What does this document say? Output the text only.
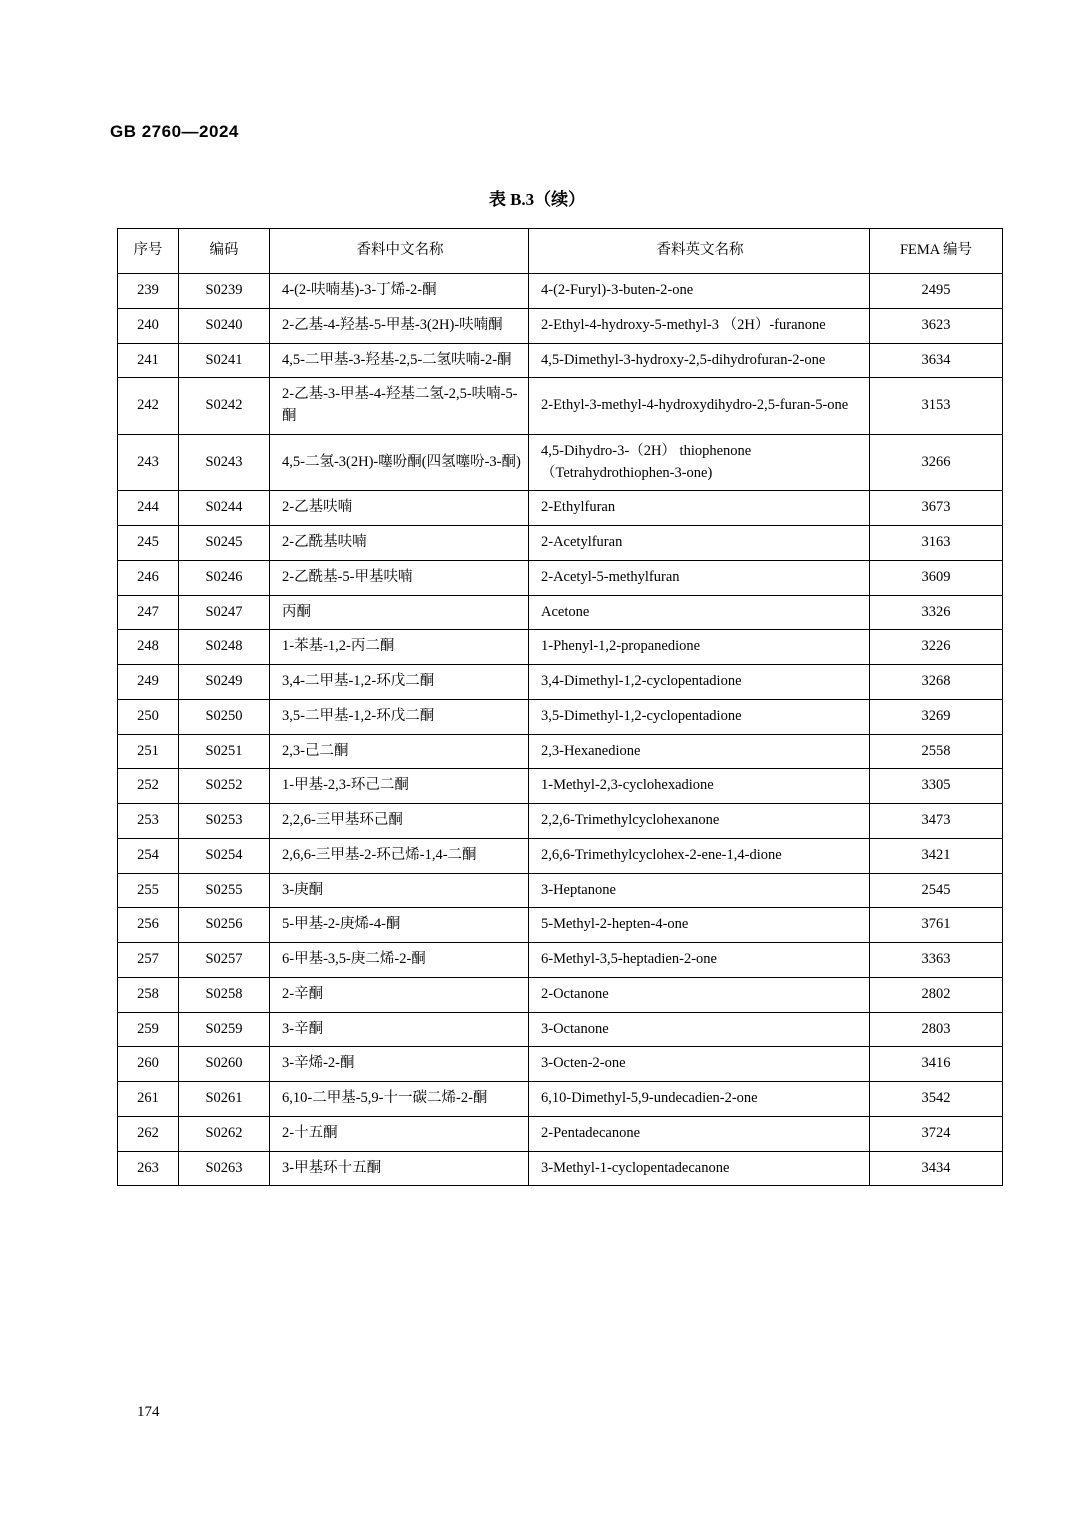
GB 2760—2024
表 B.3（续）
序号	编码	香料中文名称	香料英文名称	FEMA 编号
239	S0239	4-(2-呋喃基)-3-丁烯-2-酮	4-(2-Furyl)-3-buten-2-one	2495
240	S0240	2-乙基-4-羟基-5-甲基-3(2H)-呋喃酮	2-Ethyl-4-hydroxy-5-methyl-3 （2H）-furanone	3623
241	S0241	4,5-二甲基-3-羟基-2,5-二氢呋喃-2-酮	4,5-Dimethyl-3-hydroxy-2,5-dihydrofuran-2-one	3634
242	S0242	2-乙基-3-甲基-4-羟基二氢-2,5-呋喃-5-酮	2-Ethyl-3-methyl-4-hydroxydihydro-2,5-furan-5-one	3153
243	S0243	4,5-二氢-3(2H)-噻吩酮(四氢噻吩-3-酮)	4,5-Dihydro-3-（2H） thiophenone （Tetrahydrothiophen-3-one)	3266
244	S0244	2-乙基呋喃	2-Ethylfuran	3673
245	S0245	2-乙酰基呋喃	2-Acetylfuran	3163
246	S0246	2-乙酰基-5-甲基呋喃	2-Acetyl-5-methylfuran	3609
247	S0247	丙酮	Acetone	3326
248	S0248	1-苯基-1,2-丙二酮	1-Phenyl-1,2-propanedione	3226
249	S0249	3,4-二甲基-1,2-环戊二酮	3,4-Dimethyl-1,2-cyclopentadione	3268
250	S0250	3,5-二甲基-1,2-环戊二酮	3,5-Dimethyl-1,2-cyclopentadione	3269
251	S0251	2,3-己二酮	2,3-Hexanedione	2558
252	S0252	1-甲基-2,3-环己二酮	1-Methyl-2,3-cyclohexadione	3305
253	S0253	2,2,6-三甲基环己酮	2,2,6-Trimethylcyclohexanone	3473
254	S0254	2,6,6-三甲基-2-环己烯-1,4-二酮	2,6,6-Trimethylcyclohex-2-ene-1,4-dione	3421
255	S0255	3-庚酮	3-Heptanone	2545
256	S0256	5-甲基-2-庚烯-4-酮	5-Methyl-2-hepten-4-one	3761
257	S0257	6-甲基-3,5-庚二烯-2-酮	6-Methyl-3,5-heptadien-2-one	3363
258	S0258	2-辛酮	2-Octanone	2802
259	S0259	3-辛酮	3-Octanone	2803
260	S0260	3-辛烯-2-酮	3-Octen-2-one	3416
261	S0261	6,10-二甲基-5,9-十一碳二烯-2-酮	6,10-Dimethyl-5,9-undecadien-2-one	3542
262	S0262	2-十五酮	2-Pentadecanone	3724
263	S0263	3-甲基环十五酮	3-Methyl-1-cyclopentadecanone	3434
174
